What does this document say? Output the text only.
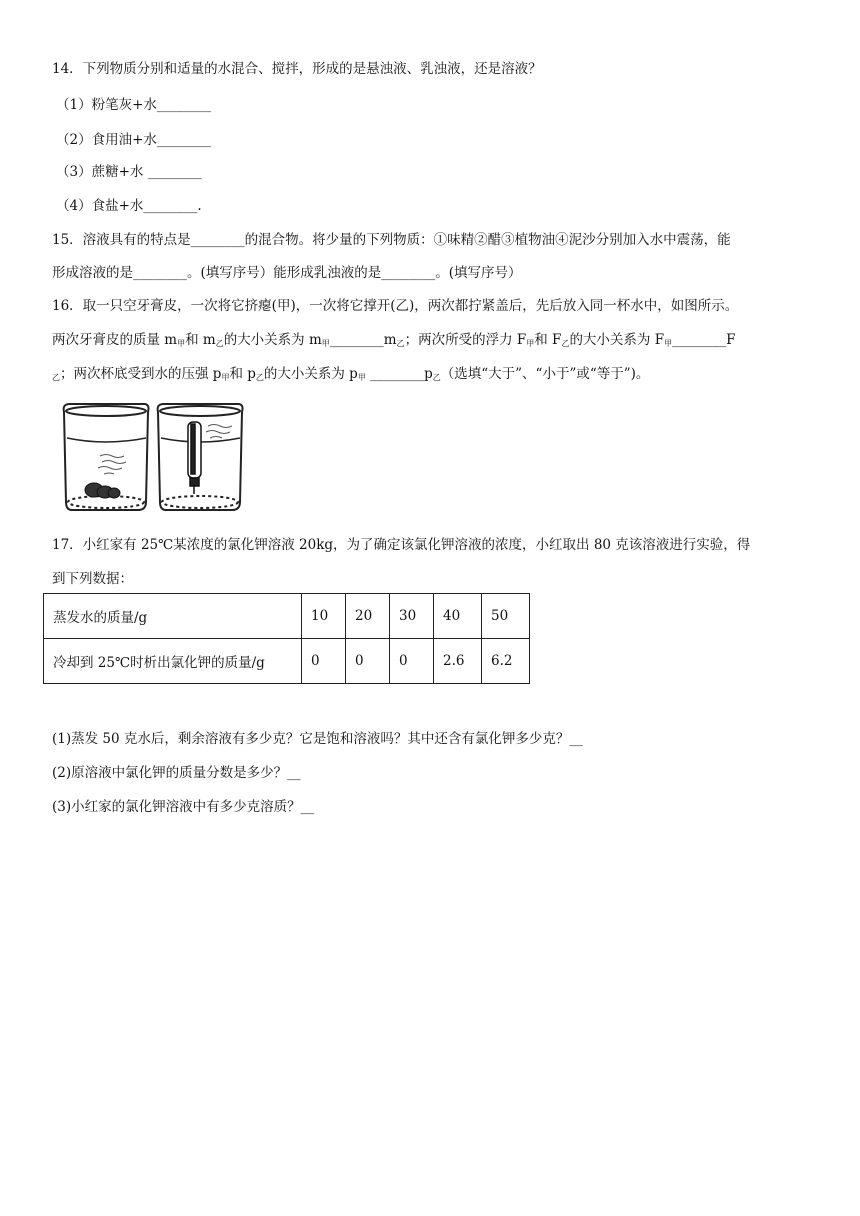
14．下列物质分别和适量的水混合、搅拌，形成的是悬浊液、乳浊液，还是溶液？
（1）粉笔灰+水________
（2）食用油+水________
（3）蔗糖+水 ________
（4）食盐+水________.
15．溶液具有的特点是________的混合物。将少量的下列物质：①味精②醋③植物油④泥沙分别加入水中震荡，能
形成溶液的是________。(填写序号）能形成乳浊液的是________。(填写序号）
16．取一只空牙膏皮，一次将它挤瘪(甲)，一次将它撑开(乙)，两次都拧紧盖后，先后放入同一杯水中，如图所示。
两次牙膏皮的质量 $m_甲$和 $m_乙$的大小关系为 $m_甲\_\_\_\_\_\_\_\_m_乙$；两次所受的浮力 $F_甲$和 $F_乙$的大小关系为 $F_甲\_\_\_\_\_\_\_\_F$
$_乙$；两次杯底受到水的压强 $p_甲$和 $p_乙$的大小关系为 $p_甲$ $\_\_\_\_\_\_\_\_p_乙$（选填“大于”、“小于”或“等于”)。
17．小红家有 25℃某浓度的氯化钾溶液 20kg，为了确定该氯化钾溶液的浓度，小红取出 80 克该溶液进行实验，得
到下列数据：
蒸发水的质量/g	10	20	30	40	50
冷却到 25℃时析出氯化钾的质量/g	0	0	0	2.6	6.2
(1)蒸发 50 克水后，剩余溶液有多少克？它是饱和溶液吗？其中还含有氯化钾多少克？__
(2)原溶液中氯化钾的质量分数是多少？__
(3)小红家的氯化钾溶液中有多少克溶质？__
